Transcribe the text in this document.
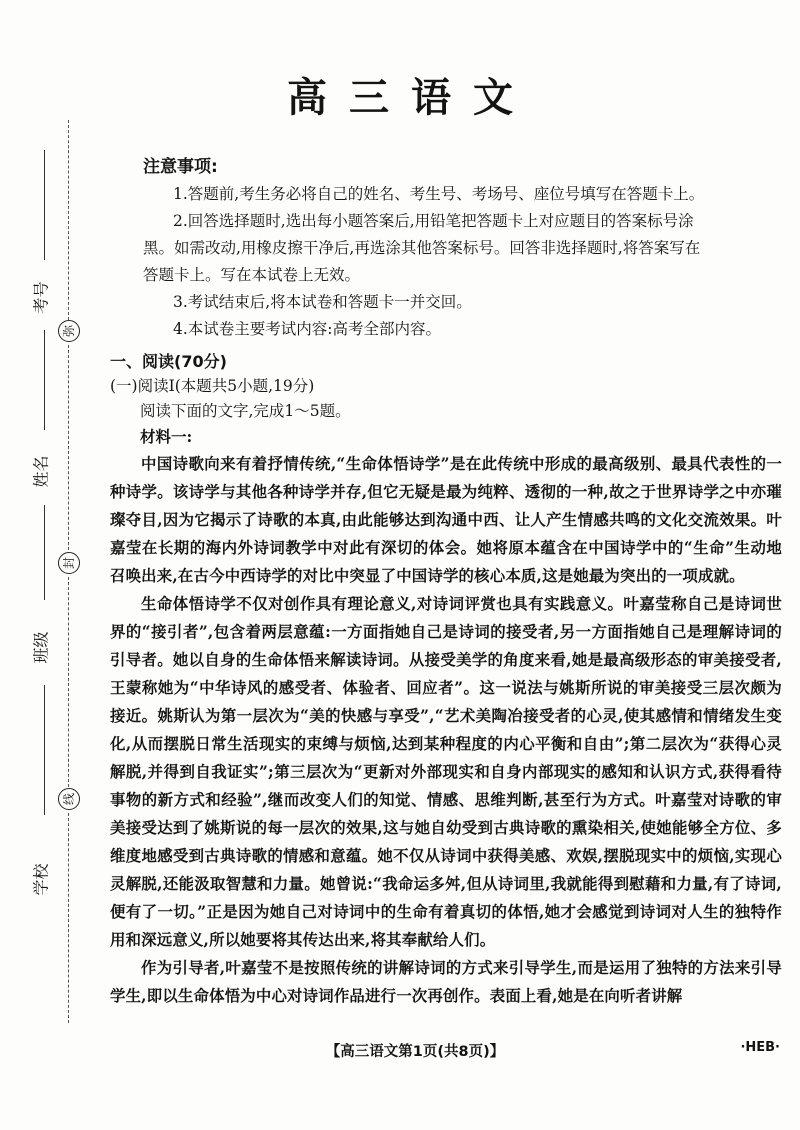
高三语文
考号
姓名
班级
学校
弥
封
线
注意事项:

1.答题前,考生务必将自己的姓名、考生号、考场号、座位号填写在答题卡上。

2.回答选择题时,选出每小题答案后,用铅笔把答题卡上对应题目的答案标号涂

黑。如需改动,用橡皮擦干净后,再选涂其他答案标号。回答非选择题时,将答案写在

答题卡上。写在本试卷上无效。

3.考试结束后,将本试卷和答题卡一并交回。

4.本试卷主要考试内容:高考全部内容。

一、阅读(70分)
(一)阅读Ⅰ(本题共5小题,19分)
阅读下面的文字,完成1～5题。
材料一:

中国诗歌向来有着抒情传统,“生命体悟诗学”是在此传统中形成的最高级别、最具代表性的一种诗学。该诗学与其他各种诗学并存,但它无疑是最为纯粹、透彻的一种,故之于世界诗学之中亦璀璨夺目,因为它揭示了诗歌的本真,由此能够达到沟通中西、让人产生情感共鸣的文化交流效果。叶嘉莹在长期的海内外诗词教学中对此有深切的体会。她将原本蕴含在中国诗学中的“生命”生动地召唤出来,在古今中西诗学的对比中突显了中国诗学的核心本质,这是她最为突出的一项成就。

生命体悟诗学不仅对创作具有理论意义,对诗词评赏也具有实践意义。叶嘉莹称自己是诗词世界的“接引者”,包含着两层意蕴:一方面指她自己是诗词的接受者,另一方面指她自己是理解诗词的引导者。她以自身的生命体悟来解读诗词。从接受美学的角度来看,她是最高级形态的审美接受者,王蒙称她为“中华诗风的感受者、体验者、回应者”。这一说法与姚斯所说的审美接受三层次颇为接近。姚斯认为第一层次为“美的快感与享受”,“艺术美陶冶接受者的心灵,使其感情和情绪发生变化,从而摆脱日常生活现实的束缚与烦恼,达到某种程度的内心平衡和自由”;第二层次为“获得心灵解脱,并得到自我证实”;第三层次为“更新对外部现实和自身内部现实的感知和认识方式,获得看待事物的新方式和经验”,继而改变人们的知觉、情感、思维判断,甚至行为方式。叶嘉莹对诗歌的审美接受达到了姚斯说的每一层次的效果,这与她自幼受到古典诗歌的熏染相关,使她能够全方位、多维度地感受到古典诗歌的情感和意蕴。她不仅从诗词中获得美感、欢娱,摆脱现实中的烦恼,实现心灵解脱,还能汲取智慧和力量。她曾说:“我命运多舛,但从诗词里,我就能得到慰藉和力量,有了诗词,便有了一切。”正是因为她自己对诗词中的生命有着真切的体悟,她才会感觉到诗词对人生的独特作用和深远意义,所以她要将其传达出来,将其奉献给人们。

作为引导者,叶嘉莹不是按照传统的讲解诗词的方式来引导学生,而是运用了独特的方法来引导学生,即以生命体悟为中心对诗词作品进行一次再创作。表面上看,她是在向听者讲解

【高三语文第1页(共8页)】	·HEB·
